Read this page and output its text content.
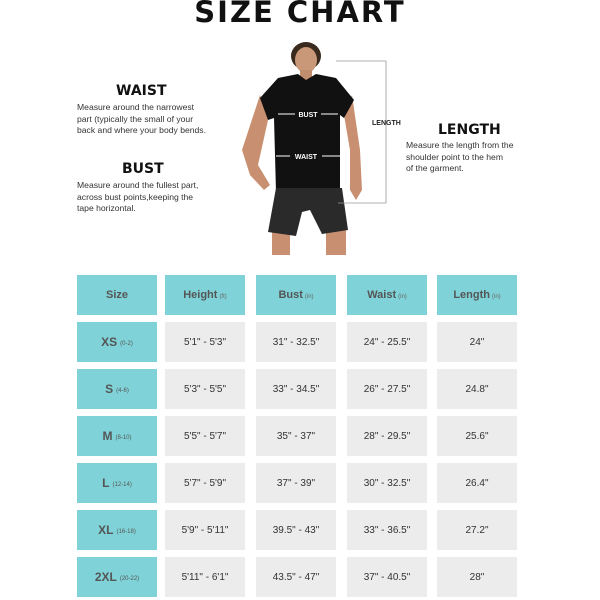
SIZE CHART
WAIST
Measure around the narrowest
part (typically the small of your
back and where your body bends.
BUST
Measure around the fullest part,
across bust points,keeping the
tape horizontal.
LENGTH
Measure the length from the
shoulder point to the hem
of the garment.
BUST
WAIST
LENGTH
Size	Height (ft)	Bust (in)	Waist (in)	Length (in)
XS (0-2)	5'1" - 5'3"	31" - 32.5"	24" - 25.5"	24"
S (4-6)	5'3" - 5'5"	33" - 34.5"	26" - 27.5"	24.8"
M (8-10)	5'5" - 5'7"	35" - 37"	28" - 29.5"	25.6"
L (12-14)	5'7" - 5'9"	37" - 39"	30" - 32.5"	26.4"
XL (16-18)	5'9" - 5'11"	39.5" - 43"	33" - 36.5"	27.2"
2XL (20-22)	5'11" - 6'1"	43.5" - 47"	37" - 40.5"	28"
